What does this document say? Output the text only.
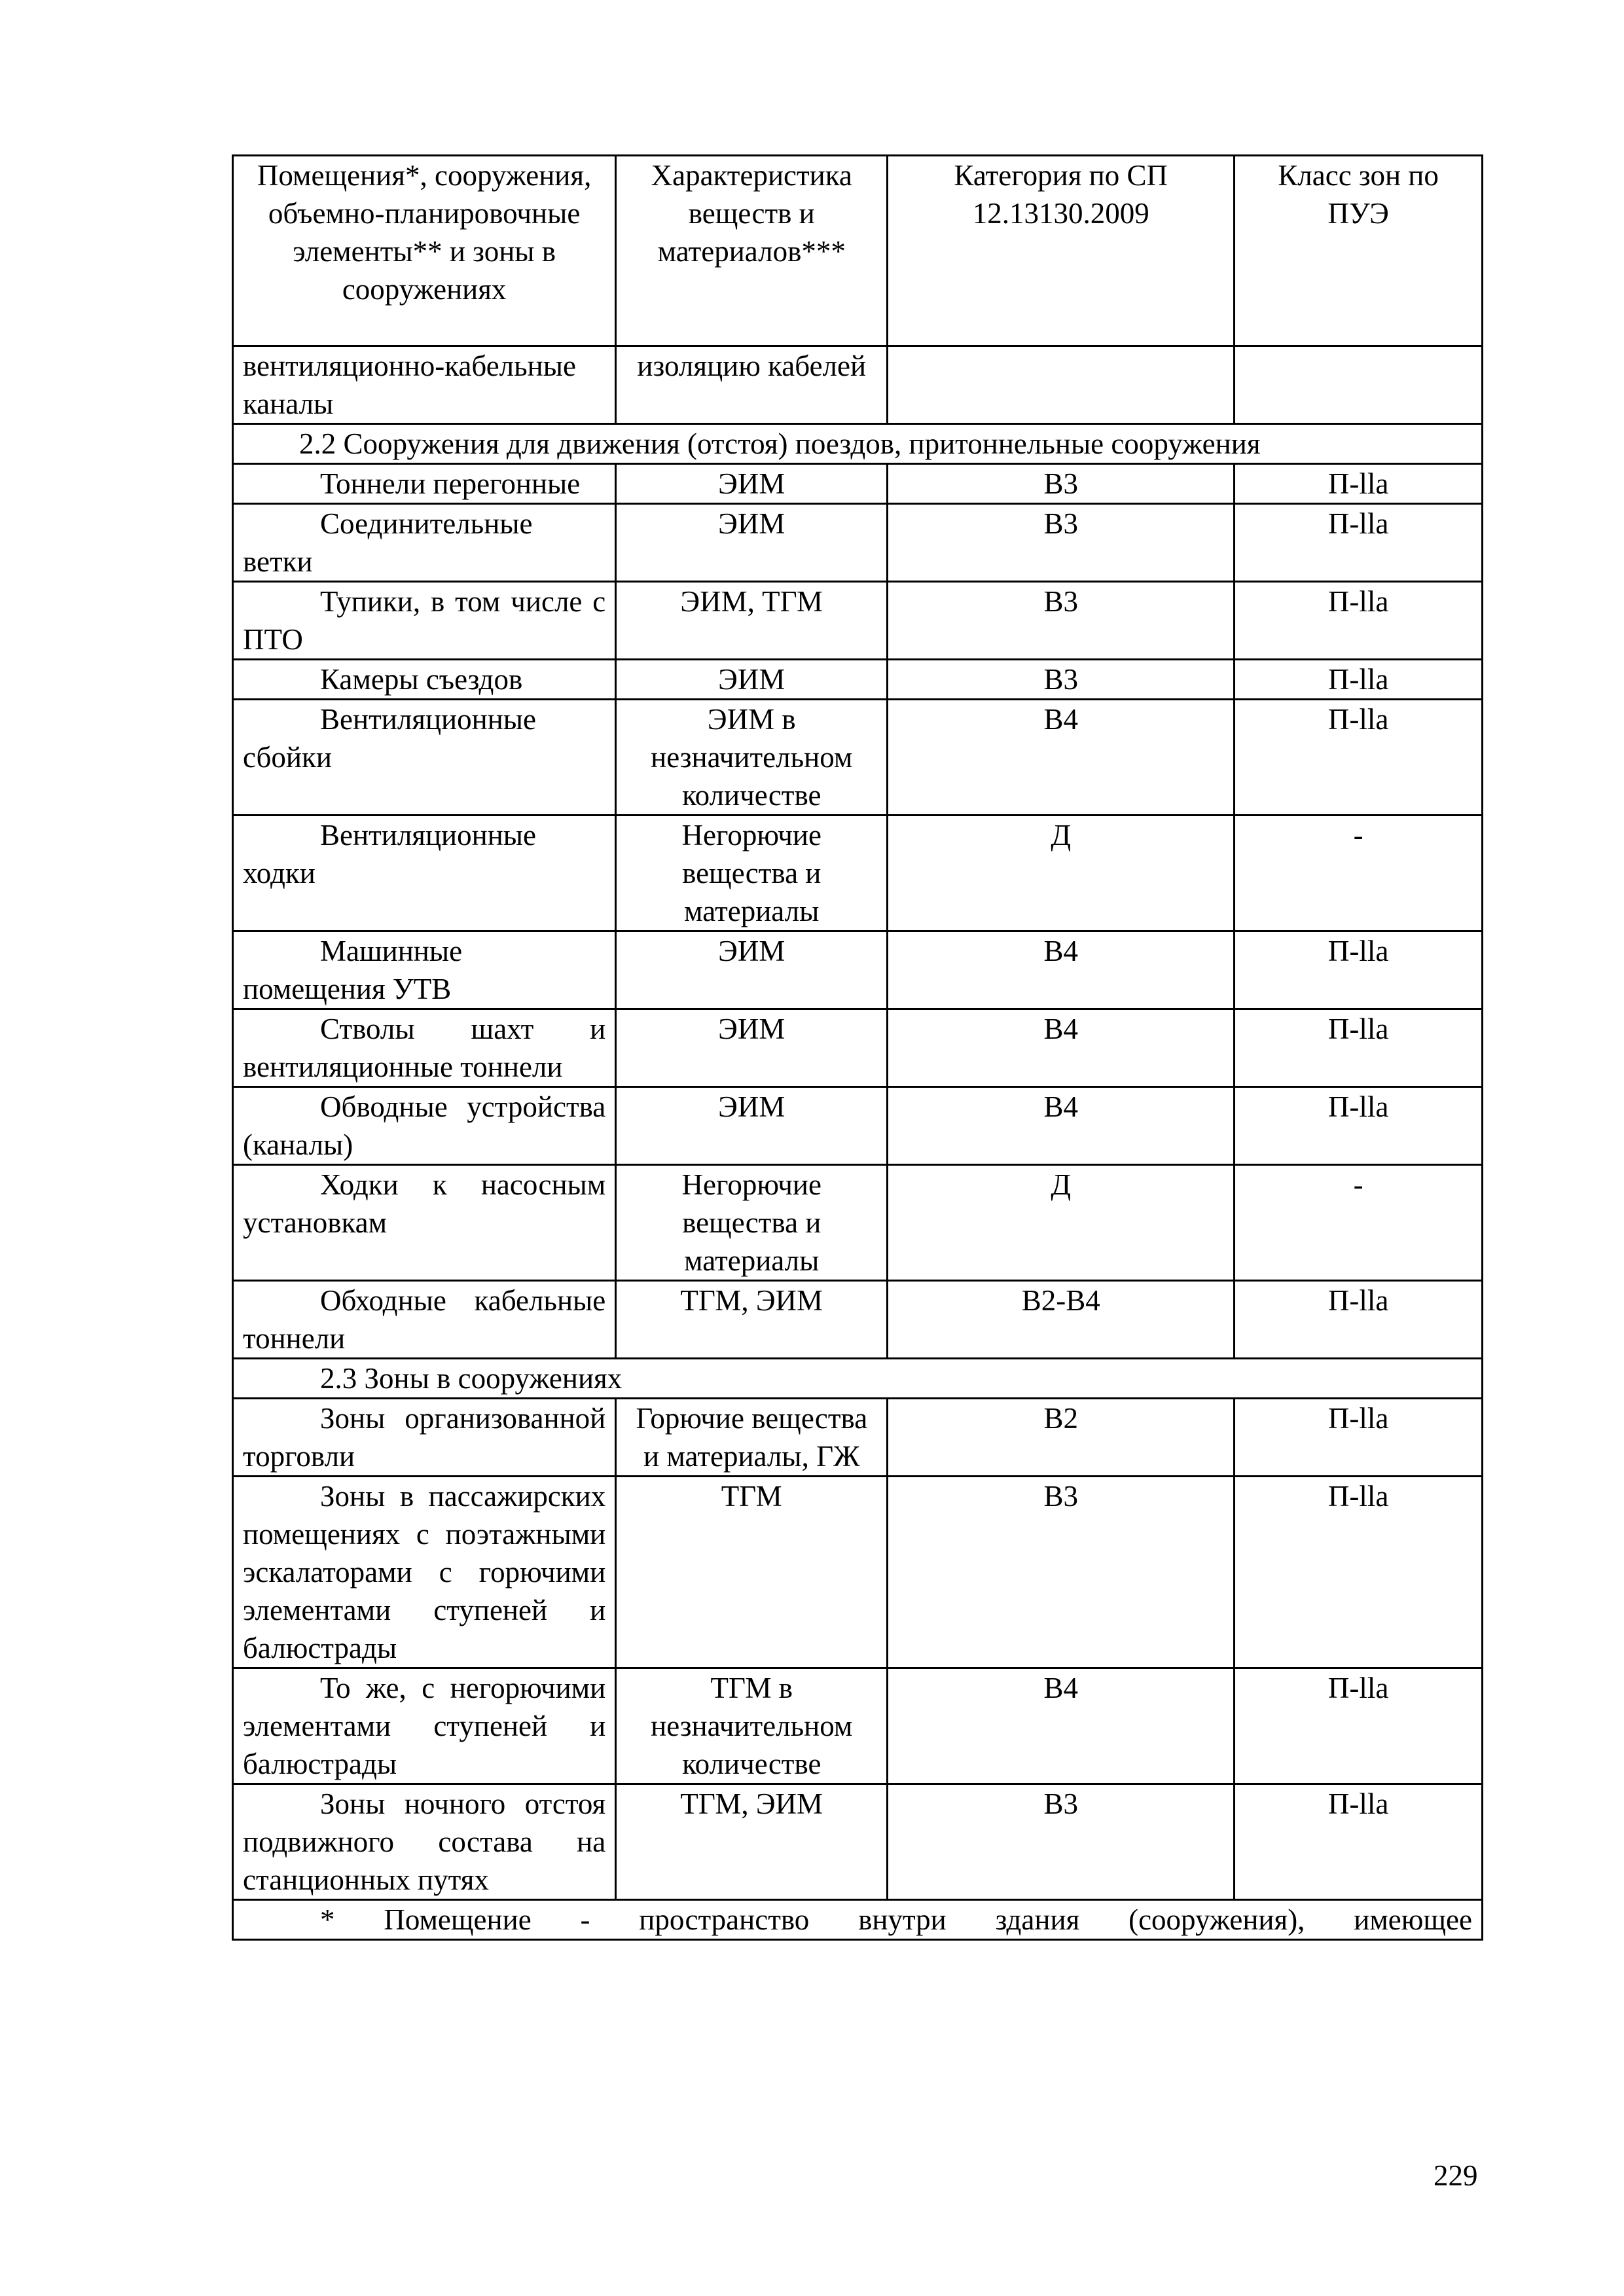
Помещения*, сооружения, объемно-планировочные элементы** и зоны в сооружениях	Характеристика веществ и материалов***	Категория по СП 12.13130.2009	Класс зон по ПУЭ
вентиляционно-кабельные каналы	изоляцию кабелей		
2.2 Сооружения для движения (отстоя) поездов, притоннельные сооружения			
Тоннели перегонные	ЭИМ	В3	П-llа
Соединительные ветки	ЭИМ	В3	П-llа
Тупики, в том числе с ПТО	ЭИМ, ТГМ	В3	П-llа
Камеры съездов	ЭИМ	В3	П-llа
Вентиляционные сбойки	ЭИМ в незначительном количестве	В4	П-llа
Вентиляционные ходки	Негорючие вещества и материалы	Д	-
Машинные помещения УТВ	ЭИМ	В4	П-llа
Стволы шахт и вентиляционные тоннели	ЭИМ	В4	П-llа
Обводные устройства (каналы)	ЭИМ	В4	П-llа
Ходки к насосным установкам	Негорючие вещества и материалы	Д	-
Обходные кабельные тоннели	ТГМ, ЭИМ	В2-В4	П-llа
2.3 Зоны в сооружениях			
Зоны организованной торговли	Горючие вещества и материалы, ГЖ	В2	П-llа
Зоны в пассажирских помещениях с поэтажными эскалаторами с горючими элементами ступеней и балюстрады	ТГМ	В3	П-llа
То же, с негорючими элементами ступеней и балюстрады	ТГМ в незначительном количестве	В4	П-llа
Зоны ночного отстоя подвижного состава на станционных путях	ТГМ, ЭИМ	В3	П-llа
* Помещение - пространство внутри здания (сооружения), имеющее			
229
